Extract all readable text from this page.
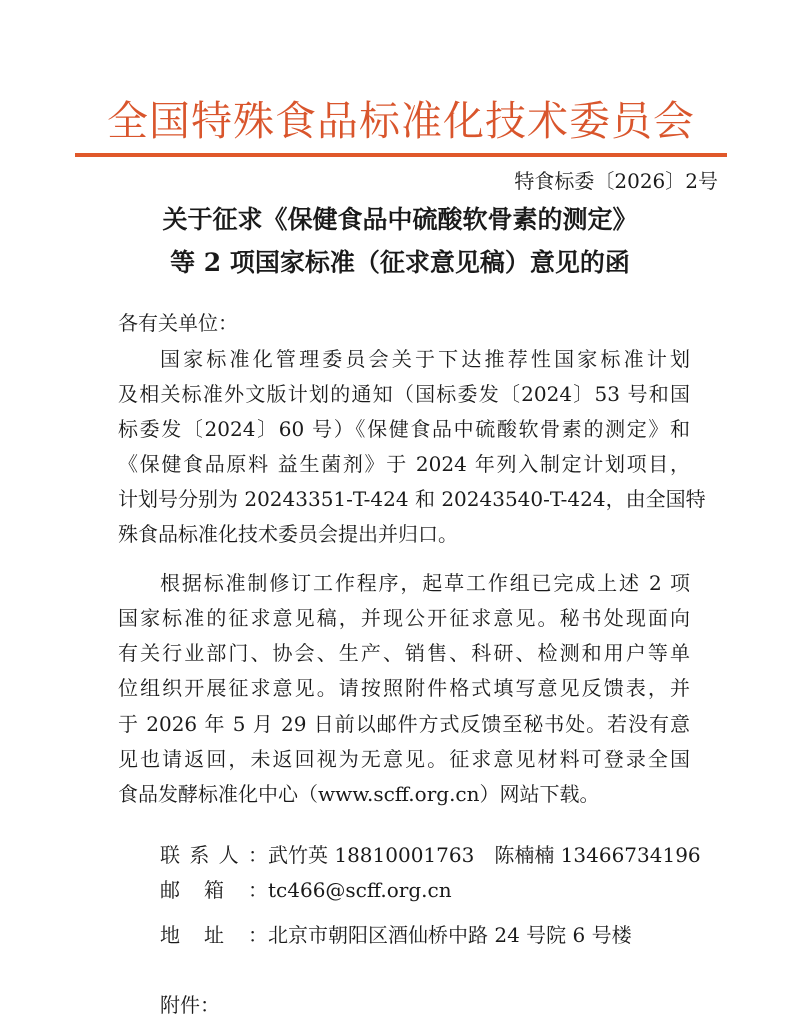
全国特殊食品标准化技术委员会
特食标委〔2026〕2号
关于征求《保健食品中硫酸软骨素的测定》
等 2 项国家标准（征求意见稿）意见的函
各有关单位：
国家标准化管理委员会关于下达推荐性国家标准计划
及相关标准外文版计划的通知（国标委发〔2024〕53 号和国
标委发〔2024〕60 号）《保健食品中硫酸软骨素的测定》和
《保健食品原料 益生菌剂》于 2024 年列入制定计划项目，
计划号分别为 20243351-T-424 和 20243540-T-424，由全国特
殊食品标准化技术委员会提出并归口。
根据标准制修订工作程序，起草工作组已完成上述 2 项
国家标准的征求意见稿，并现公开征求意见。秘书处现面向
有关行业部门、协会、生产、销售、科研、检测和用户等单
位组织开展征求意见。请按照附件格式填写意见反馈表，并
于 2026 年 5 月 29 日前以邮件方式反馈至秘书处。若没有意
见也请返回，未返回视为无意见。征求意见材料可登录全国
食品发酵标准化中心（www.scff.org.cn）网站下载。
联系人：武竹英 18810001763　陈楠楠 13466734196
邮箱：tc466@scff.org.cn
地址：北京市朝阳区酒仙桥中路 24 号院 6 号楼
附件：
